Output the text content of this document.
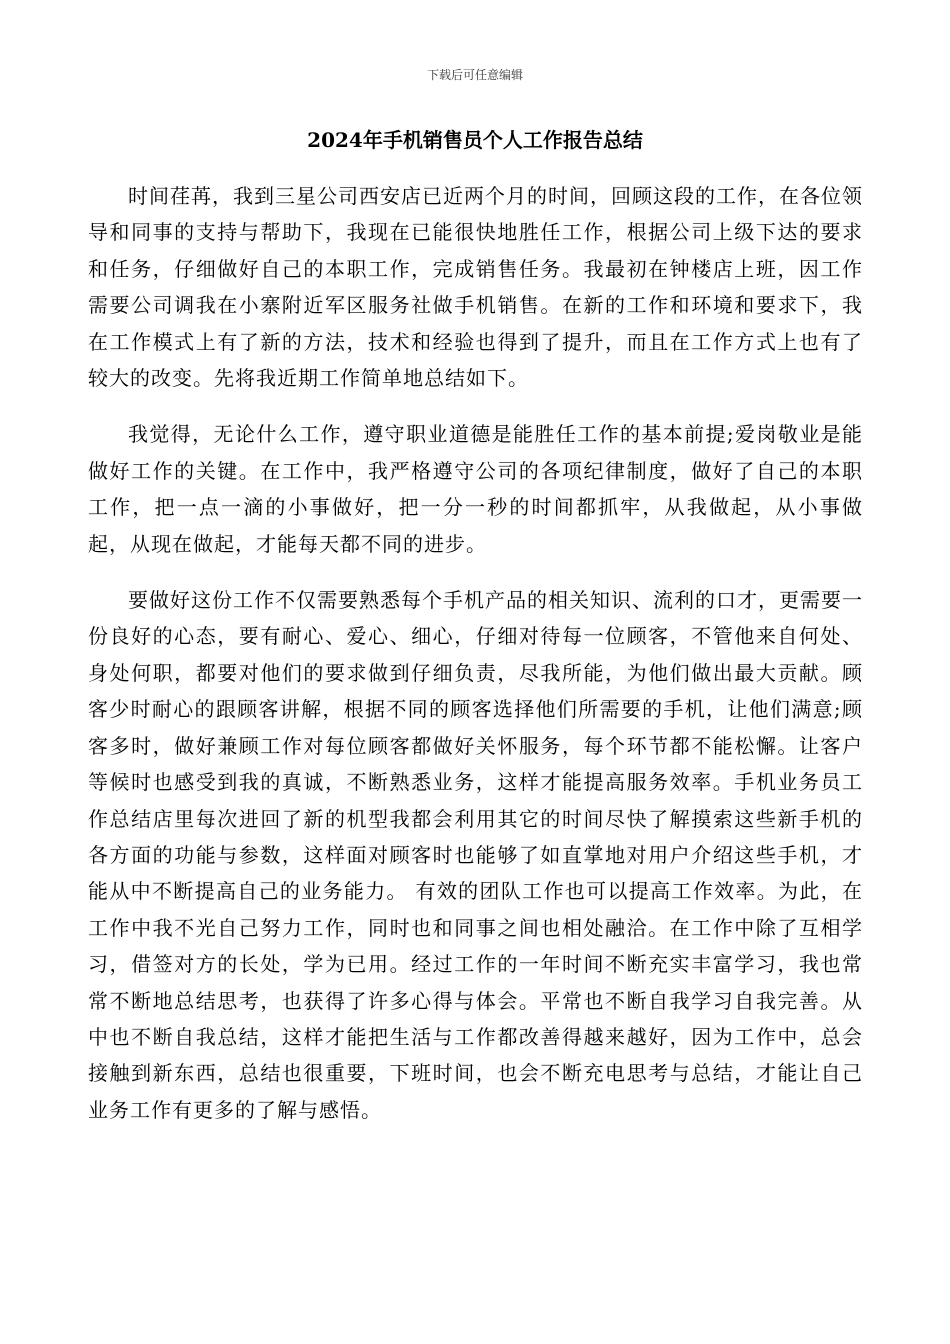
下载后可任意编辑
2024年手机销售员个人工作报告总结

时间荏苒，我到三星公司西安店已近两个月的时间，回顾这段的工作，在各位领导和同事的支持与帮助下，我现在已能很快地胜任工作，根据公司上级下达的要求和任务，仔细做好自己的本职工作，完成销售任务。我最初在钟楼店上班，因工作需要公司调我在小寨附近军区服务社做手机销售。在新的工作和环境和要求下，我在工作模式上有了新的方法，技术和经验也得到了提升，而且在工作方式上也有了较大的改变。先将我近期工作简单地总结如下。

我觉得，无论什么工作，遵守职业道德是能胜任工作的基本前提;爱岗敬业是能做好工作的关键。在工作中，我严格遵守公司的各项纪律制度，做好了自己的本职工作，把一点一滴的小事做好，把一分一秒的时间都抓牢，从我做起，从小事做起，从现在做起，才能每天都不同的进步。

要做好这份工作不仅需要熟悉每个手机产品的相关知识、流利的口才，更需要一份良好的心态，要有耐心、爱心、细心，仔细对待每一位顾客，不管他来自何处、身处何职，都要对他们的要求做到仔细负责，尽我所能，为他们做出最大贡献。顾客少时耐心的跟顾客讲解，根据不同的顾客选择他们所需要的手机，让他们满意;顾客多时，做好兼顾工作对每位顾客都做好关怀服务，每个环节都不能松懈。让客户等候时也感受到我的真诚，不断熟悉业务，这样才能提高服务效率。手机业务员工作总结店里每次进回了新的机型我都会利用其它的时间尽快了解摸索这些新手机的各方面的功能与参数，这样面对顾客时也能够了如直掌地对用户介绍这些手机，才能从中不断提高自己的业务能力。 有效的团队工作也可以提高工作效率。为此，在工作中我不光自己努力工作，同时也和同事之间也相处融洽。在工作中除了互相学习，借签对方的长处，学为已用。经过工作的一年时间不断充实丰富学习，我也常常不断地总结思考，也获得了许多心得与体会。平常也不断自我学习自我完善。从中也不断自我总结，这样才能把生活与工作都改善得越来越好，因为工作中，总会接触到新东西，总结也很重要，下班时间，也会不断充电思考与总结，才能让自己业务工作有更多的了解与感悟。
